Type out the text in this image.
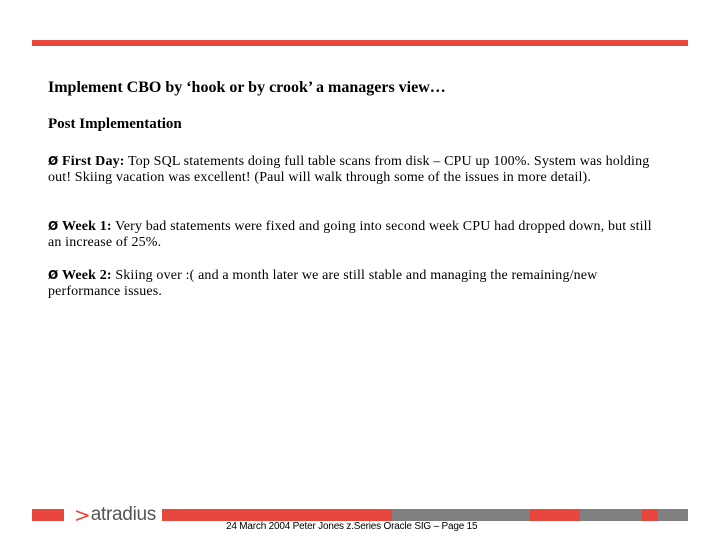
Implement CBO by ‘hook or by crook’ a managers view…
Post Implementation
Ø First Day: Top SQL statements doing full table scans from disk – CPU up 100%. System was holding out! Skiing vacation was excellent! (Paul will walk through some of the issues in more detail).
Ø Week 1: Very bad statements were fixed and going into second week CPU had dropped down, but still an increase of 25%.
Ø Week 2: Skiing over :( and a month later we are still stable and managing the remaining/new performance issues.
> atradius
24 March 2004 Peter Jones z.Series Oracle SIG – Page 15
